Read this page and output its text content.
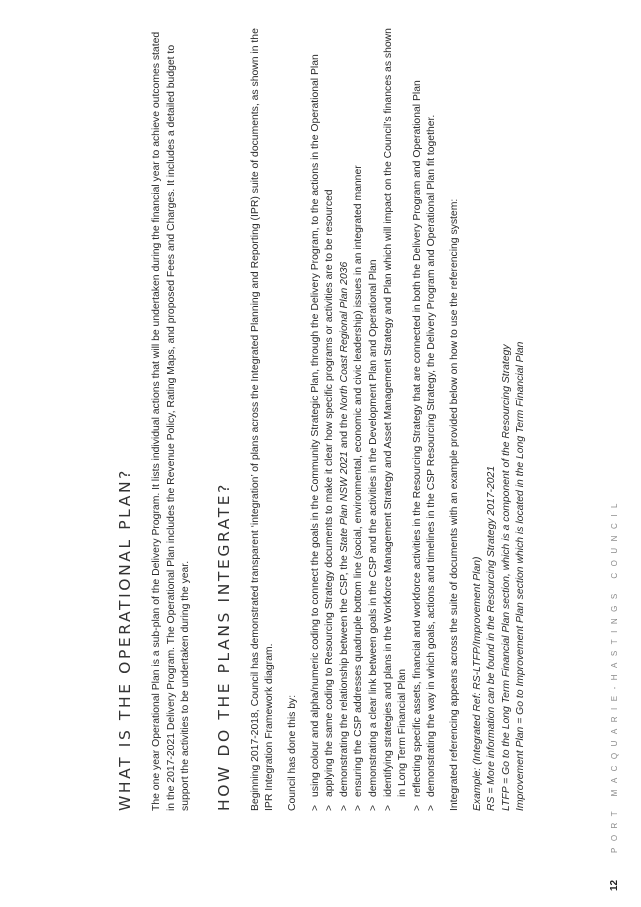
12
PORT MACQUARIE-HASTINGS COUNCIL
WHAT IS THE OPERATIONAL PLAN? The one year Operational Plan is a sub-plan of the Delivery Program. It lists individual actions that will be undertaken during the financial year to achieve outcomes stated in the 2017-2021 Delivery Program. The Operational Plan includes the Revenue Policy, Rating Maps, and proposed Fees and Charges. It includes a detailed budget to support the activities to be undertaken during the year. HOW DO THE PLANS INTEGRATE? Beginning 2017-2018, Council has demonstrated transparent ‘integration’ of plans across the Integrated Planning and Reporting (IPR) suite of documents, as shown in the IPR Integration Framework diagram. Council has done this by: >
using colour and alpha/numeric coding to connect the goals in the Community Strategic Plan, through the Delivery Program, to the actions in the Operational Plan
>
applying the same coding to Resourcing Strategy documents to make it clear how specific programs or activities are to be resourced
>
demonstrating the relationship between the CSP, the State Plan NSW 2021 and the North Coast Regional Plan 2036
>
ensuring the CSP addresses quadruple bottom line (social, environmental, economic and civic leadership) issues in an integrated manner
>
demonstrating a clear link between goals in the CSP and the activities in the Development Plan and Operational Plan
>
identifying strategies and plans in the Workforce Management Strategy and Asset Management Strategy and Plan which will impact on the Council’s finances as shown in Long Term Financial Plan
>
reflecting specific assets, financial and workforce activities in the Resourcing Strategy that are connected in both the Delivery Program and Operational Plan
>
demonstrating the way in which goals, actions and timelines in the CSP Resourcing Strategy, the Delivery Program and Operational Plan fit together. Integrated referencing appears across the suite of documents with an example provided below on how to use the referencing system: Example: (Integrated Ref: RS-LTFP/Improvement Plan) RS = More information can be found in the Resourcing Strategy 2017-2021 LTFP = Go to the Long Term Financial Plan section, which is a component of the Resourcing Strategy Improvement Plan = Go to Improvement Plan section which is located in the Long Term Financial Plan
